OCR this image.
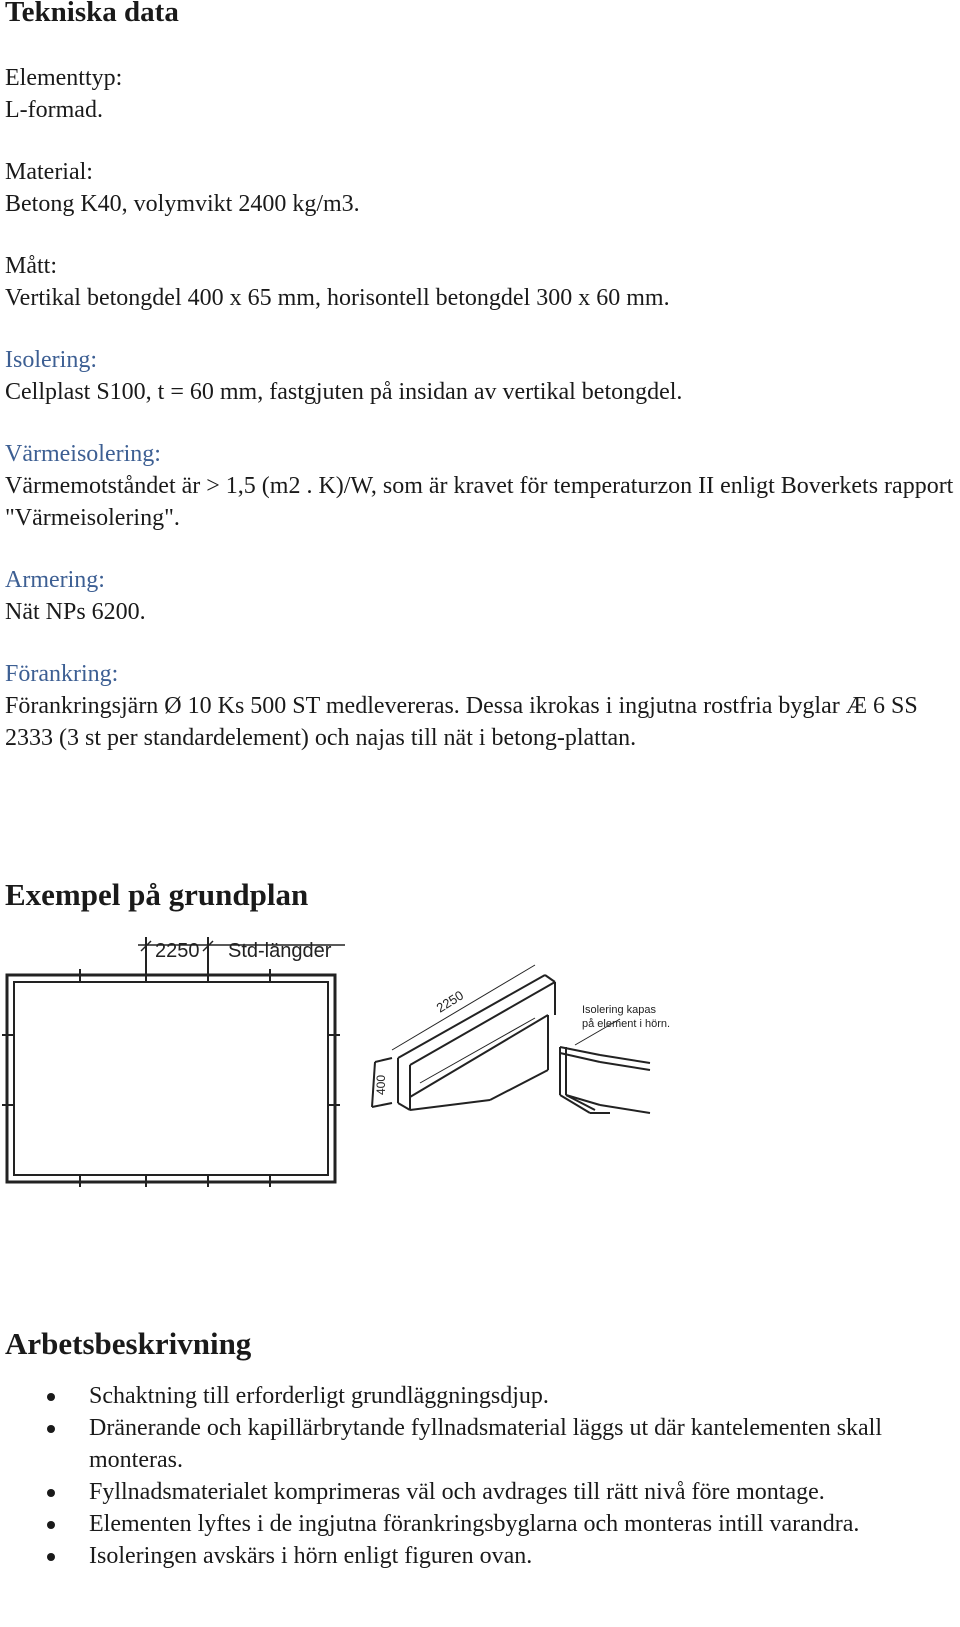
Tekniska data
Elementtyp:
L-formad.
Material:
Betong K40, volymvikt 2400 kg/m3.
Mått:
Vertikal betongdel 400 x 65 mm, horisontell betongdel 300 x 60 mm.
Isolering:
Cellplast S100, t = 60 mm, fastgjuten på insidan av vertikal betongdel.
Värmeisolering:
Värmemotståndet är > 1,5 (m2 . K)/W, som är kravet för temperaturzon II enligt Boverkets rapport "Värmeisolering".
Armering:
Nät NPs 6200.
Förankring:
Förankringsjärn Ø 10 Ks 500 ST medlevereras. Dessa ikrokas i ingjutna rostfria byglar Æ 6 SS 2333 (3 st per standardelement) och najas till nät i betong-plattan.
Exempel på grundplan
2250 Std-längder
2250
400
Isolering kapas
på element i hörn.
Arbetsbeskrivning
Schaktning till erforderligt grundläggningsdjup.
Dränerande och kapillärbrytande fyllnadsmaterial läggs ut där kantelementen skall monteras.
Fyllnadsmaterialet komprimeras väl och avdrages till rätt nivå före montage.
Elementen lyftes i de ingjutna förankringsbyglarna och monteras intill varandra.
Isoleringen avskärs i hörn enligt figuren ovan.
